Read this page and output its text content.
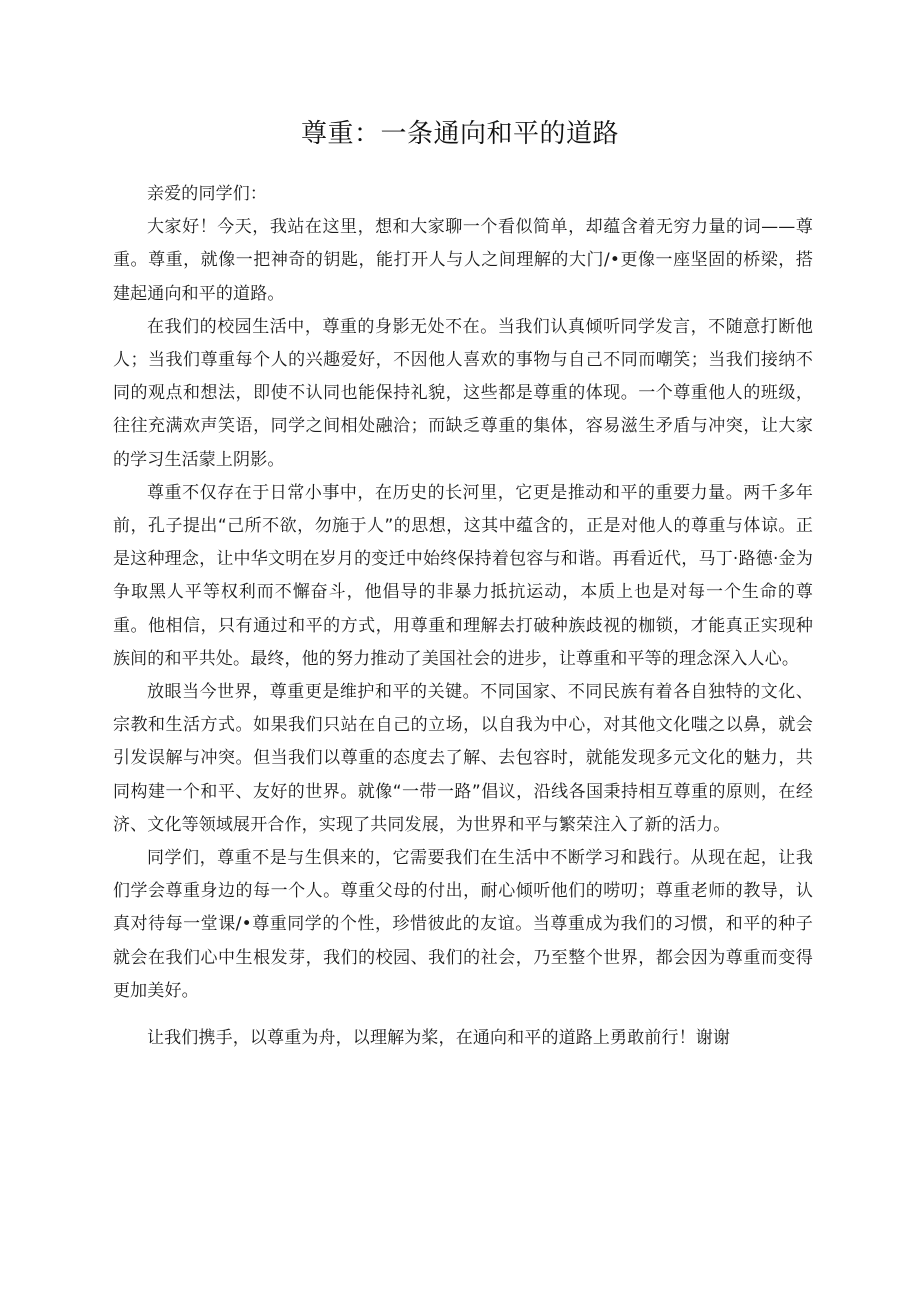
尊重：一条通向和平的道路

亲爱的同学们：

大家好！今天，我站在这里，想和大家聊一个看似简单，却蕴含着无穷力量的词——尊重。尊重，就像一把神奇的钥匙，能打开人与人之间理解的大门/•更像一座坚固的桥梁，搭建起通向和平的道路。

在我们的校园生活中，尊重的身影无处不在。当我们认真倾听同学发言，不随意打断他人；当我们尊重每个人的兴趣爱好，不因他人喜欢的事物与自己不同而嘲笑；当我们接纳不同的观点和想法，即使不认同也能保持礼貌，这些都是尊重的体现。一个尊重他人的班级，往往充满欢声笑语，同学之间相处融洽；而缺乏尊重的集体，容易滋生矛盾与冲突，让大家的学习生活蒙上阴影。

尊重不仅存在于日常小事中，在历史的长河里，它更是推动和平的重要力量。两千多年前，孔子提出“己所不欲，勿施于人”的思想，这其中蕴含的，正是对他人的尊重与体谅。正是这种理念，让中华文明在岁月的变迁中始终保持着包容与和谐。再看近代，马丁·路德·金为争取黑人平等权利而不懈奋斗，他倡导的非暴力抵抗运动，本质上也是对每一个生命的尊重。他相信，只有通过和平的方式，用尊重和理解去打破种族歧视的枷锁，才能真正实现种族间的和平共处。最终，他的努力推动了美国社会的进步，让尊重和平等的理念深入人心。

放眼当今世界，尊重更是维护和平的关键。不同国家、不同民族有着各自独特的文化、宗教和生活方式。如果我们只站在自己的立场，以自我为中心，对其他文化嗤之以鼻，就会引发误解与冲突。但当我们以尊重的态度去了解、去包容时，就能发现多元文化的魅力，共同构建一个和平、友好的世界。就像“一带一路”倡议，沿线各国秉持相互尊重的原则，在经济、文化等领域展开合作，实现了共同发展，为世界和平与繁荣注入了新的活力。

同学们，尊重不是与生俱来的，它需要我们在生活中不断学习和践行。从现在起，让我们学会尊重身边的每一个人。尊重父母的付出，耐心倾听他们的唠叨；尊重老师的教导，认真对待每一堂课/•尊重同学的个性，珍惜彼此的友谊。当尊重成为我们的习惯，和平的种子就会在我们心中生根发芽，我们的校园、我们的社会，乃至整个世界，都会因为尊重而变得更加美好。

让我们携手，以尊重为舟，以理解为桨，在通向和平的道路上勇敢前行！谢谢
